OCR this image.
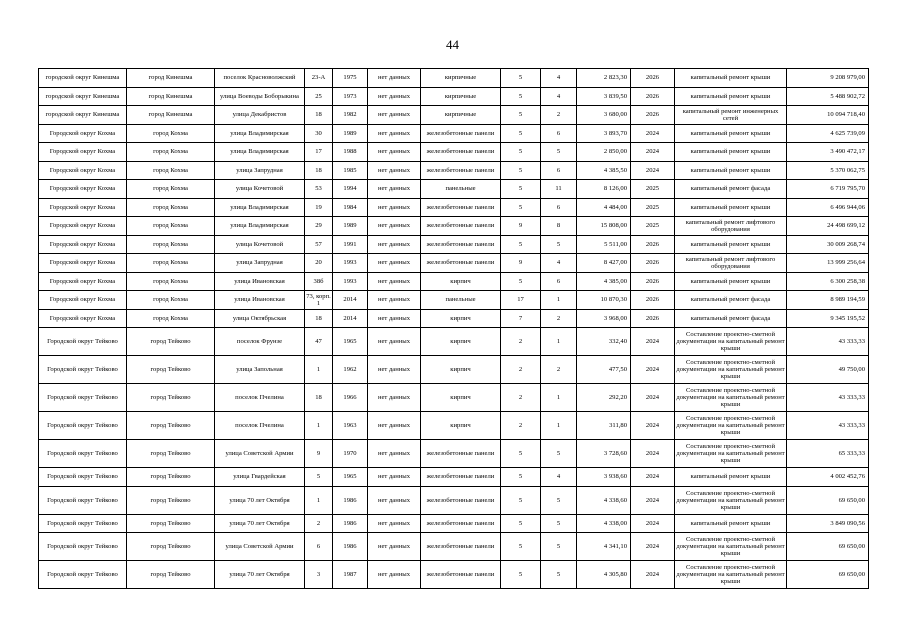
44
городской округ Кинешма	город Кинешма	поселок Красноволжский	23-А	1975	нет данных	кирпичные	5	4	2 823,30	2026	капитальный ремонт крыши	9 208 979,00
городской округ Кинешма	город Кинешма	улица Воеводы Боборыкина	25	1973	нет данных	кирпичные	5	4	3 839,50	2026	капитальный ремонт крыши	5 488 902,72
городской округ Кинешма	город Кинешма	улица Декабристов	18	1982	нет данных	кирпичные	5	2	3 680,00	2026	капитальный ремонт инженерных сетей	10 094 718,40
Городской округ Кохма	город Кохма	улица Владимирская	30	1989	нет данных	железобетонные панели	5	6	3 893,70	2024	капитальный ремонт крыши	4 625 739,09
Городской округ Кохма	город Кохма	улица Владимирская	17	1988	нет данных	железобетонные панели	5	5	2 850,00	2024	капитальный ремонт крыши	3 490 472,17
Городской округ Кохма	город Кохма	улица Запрудная	18	1985	нет данных	железобетонные панели	5	6	4 385,50	2024	капитальный ремонт крыши	5 370 062,75
Городской округ Кохма	город Кохма	улица Кочетовой	53	1994	нет данных	панельные	5	11	8 126,00	2025	капитальный ремонт фасада	6 719 795,70
Городской округ Кохма	город Кохма	улица Владимирская	19	1984	нет данных	железобетонные панели	5	6	4 484,00	2025	капитальный ремонт крыши	6 496 944,06
Городской округ Кохма	город Кохма	улица Владимирская	29	1989	нет данных	железобетонные панели	9	8	15 808,00	2025	капитальный ремонт лифтового оборудования	24 498 699,12
Городской округ Кохма	город Кохма	улица Кочетовой	57	1991	нет данных	железобетонные панели	5	5	5 511,00	2026	капитальный ремонт крыши	30 009 268,74
Городской округ Кохма	город Кохма	улица Запрудная	20	1993	нет данных	железобетонные панели	9	4	8 427,00	2026	капитальный ремонт лифтового оборудования	13 999 256,64
Городской округ Кохма	город Кохма	улица Ивановская	38б	1993	нет данных	кирпич	5	6	4 385,00	2026	капитальный ремонт крыши	6 300 258,38
Городской округ Кохма	город Кохма	улица Ивановская	73, корп. 1	2014	нет данных	панельные	17	1	10 870,30	2026	капитальный ремонт фасада	8 989 194,59
Городской округ Кохма	город Кохма	улица Октябрьская	18	2014	нет данных	кирпич	7	2	3 968,00	2026	капитальный ремонт фасада	9 345 195,52
Городской округ Тейково	город Тейково	поселок Фрунзе	47	1965	нет данных	кирпич	2	1	332,40	2024	Составление проектно-сметной документации на капитальный ремонт крыши	43 333,33
Городской округ Тейково	город Тейково	улица Запольная	1	1962	нет данных	кирпич	2	2	477,50	2024	Составление проектно-сметной документации на капитальный ремонт крыши	49 750,00
Городской округ Тейково	город Тейково	поселок Пчелина	18	1966	нет данных	кирпич	2	1	292,20	2024	Составление проектно-сметной документации на капитальный ремонт крыши	43 333,33
Городской округ Тейково	город Тейково	поселок Пчелина	1	1963	нет данных	кирпич	2	1	311,80	2024	Составление проектно-сметной документации на капитальный ремонт крыши	43 333,33
Городской округ Тейково	город Тейково	улица Советской Армии	9	1970	нет данных	железобетонные панели	5	5	3 728,60	2024	Составление проектно-сметной документации на капитальный ремонт крыши	65 333,33
Городской округ Тейково	город Тейково	улица Гвардейская	5	1965	нет данных	железобетонные панели	5	4	3 938,60	2024	капитальный ремонт крыши	4 002 452,76
Городской округ Тейково	город Тейково	улица 70 лет Октября	1	1986	нет данных	железобетонные панели	5	5	4 338,60	2024	Составление проектно-сметной документации на капитальный ремонт крыши	69 650,00
Городской округ Тейково	город Тейково	улица 70 лет Октября	2	1986	нет данных	железобетонные панели	5	5	4 338,00	2024	капитальный ремонт крыши	3 849 090,56
Городской округ Тейково	город Тейково	улица Советской Армии	6	1986	нет данных	железобетонные панели	5	5	4 341,10	2024	Составление проектно-сметной документации на капитальный ремонт крыши	69 650,00
Городской округ Тейково	город Тейково	улица 70 лет Октября	3	1987	нет данных	железобетонные панели	5	5	4 305,80	2024	Составление проектно-сметной документации на капитальный ремонт крыши	69 650,00
